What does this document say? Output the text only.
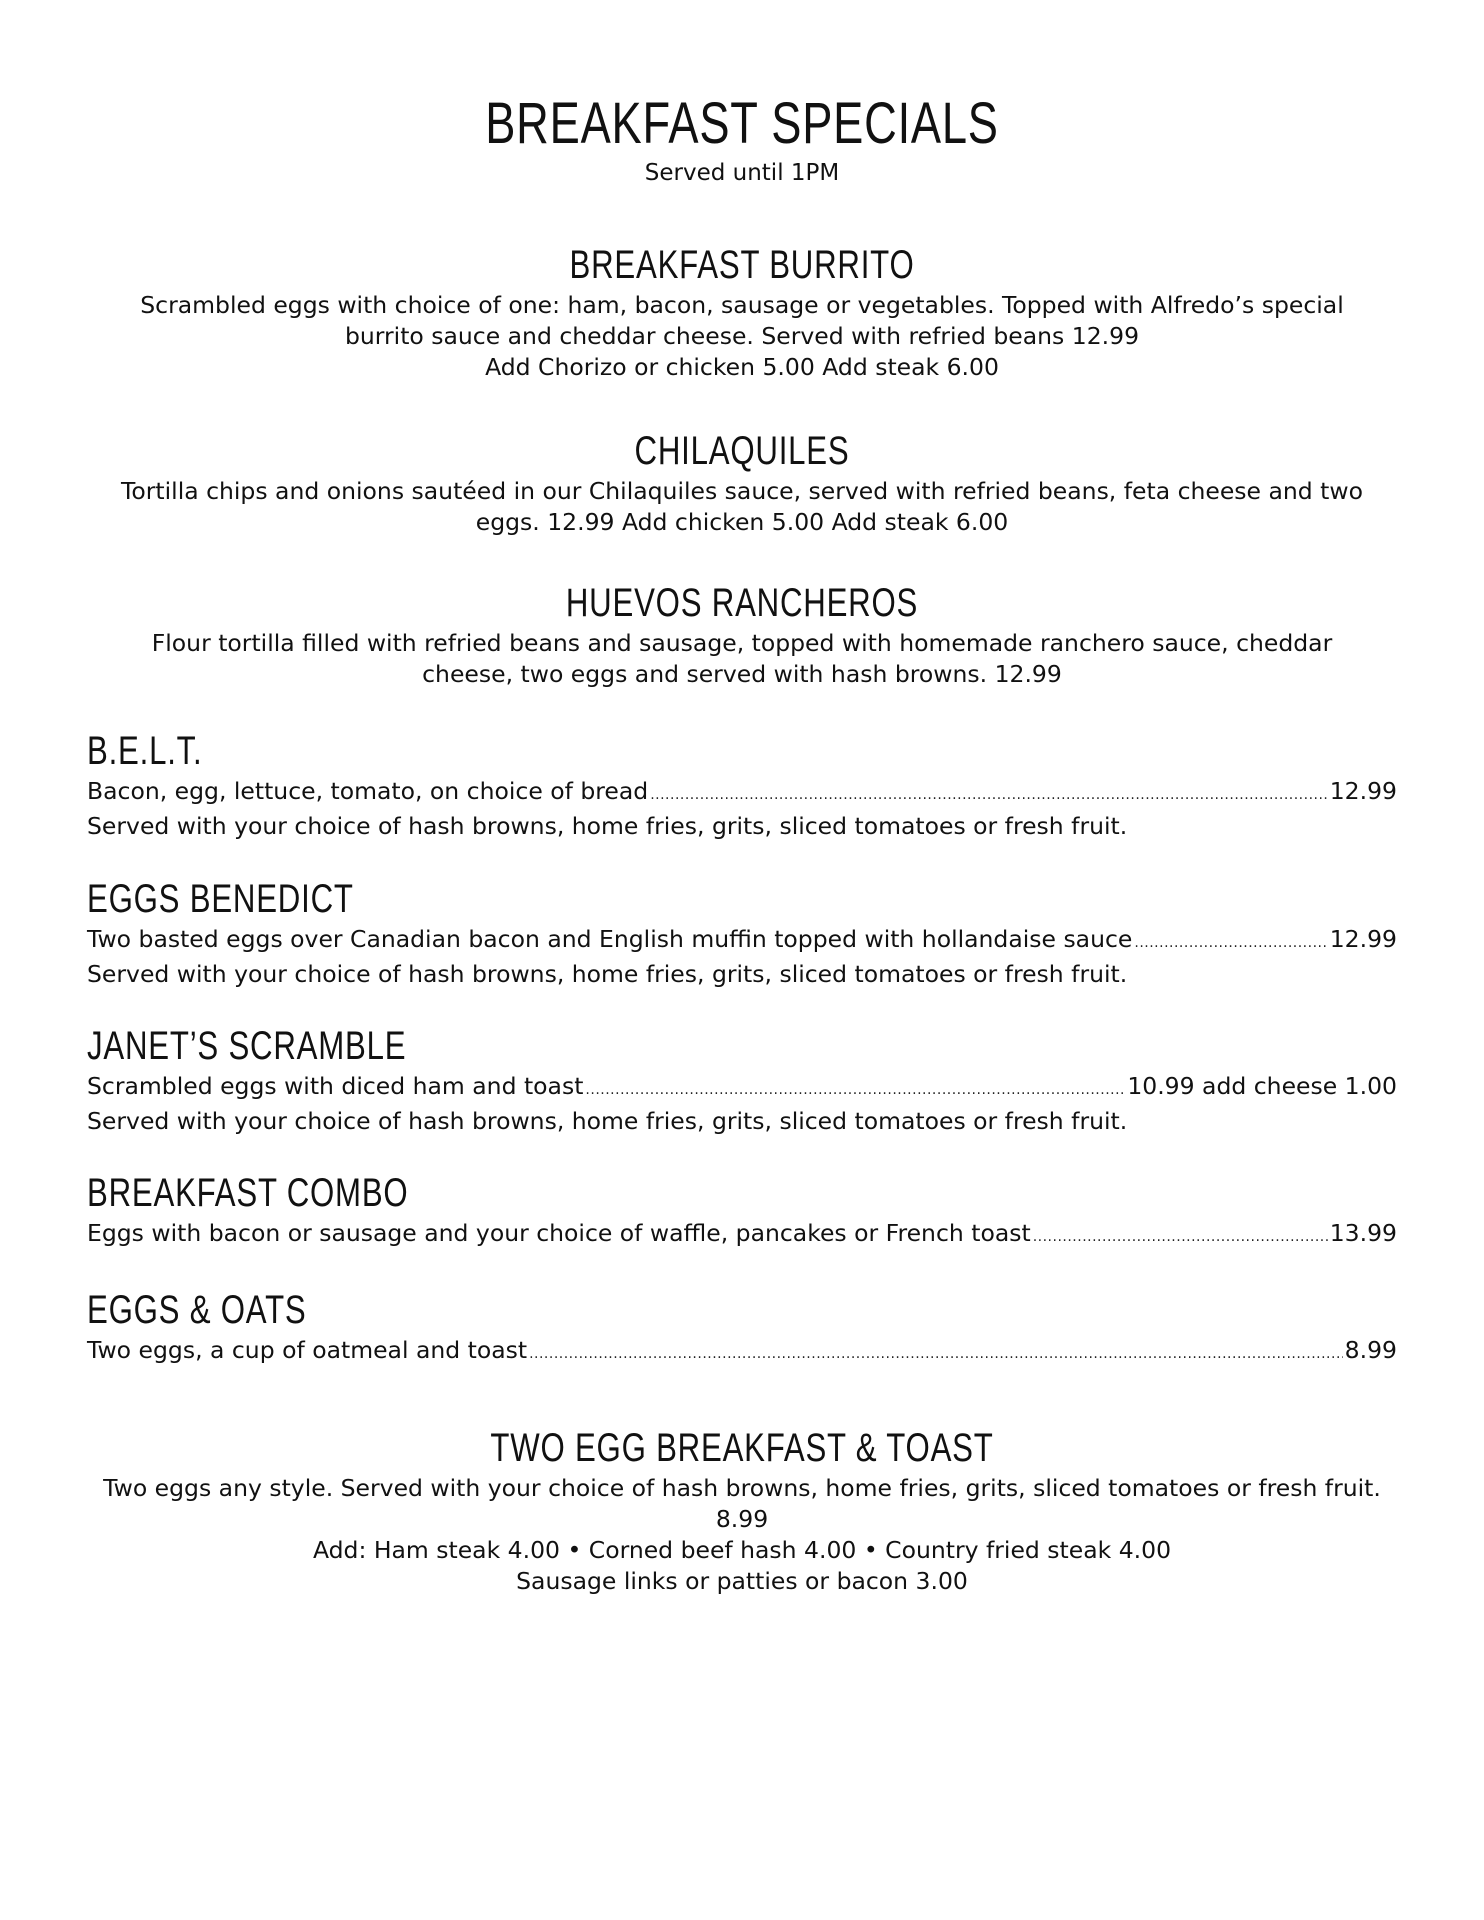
BREAKFAST SPECIALS

Served until 1PM

BREAKFAST BURRITO
Scrambled eggs with choice of one: ham, bacon, sausage or vegetables. Topped with Alfredo’s special
burrito sauce and cheddar cheese. Served with refried beans 12.99
Add Chorizo or chicken 5.00 Add steak 6.00
CHILAQUILES
Tortilla chips and onions sautéed in our Chilaquiles sauce, served with refried beans, feta cheese and two
eggs. 12.99 Add chicken 5.00 Add steak 6.00
HUEVOS RANCHEROS
Flour tortilla filled with refried beans and sausage, topped with homemade ranchero sauce, cheddar
cheese, two eggs and served with hash browns. 12.99
B.E.L.T.
Bacon, egg, lettuce, tomato, on choice of bread .....	12.99
Served with your choice of hash browns, home fries, grits, sliced tomatoes or fresh fruit.
EGGS BENEDICT
Two basted eggs over Canadian bacon and English muffin topped with hollandaise sauce .....	12.99
Served with your choice of hash browns, home fries, grits, sliced tomatoes or fresh fruit.
JANET’S SCRAMBLE
Scrambled eggs with diced ham and toast .....	10.99 add cheese 1.00
Served with your choice of hash browns, home fries, grits, sliced tomatoes or fresh fruit.
BREAKFAST COMBO
Eggs with bacon or sausage and your choice of waffle, pancakes or French toast .....	13.99
EGGS & OATS
Two eggs, a cup of oatmeal and toast .....	8.99
TWO EGG BREAKFAST & TOAST
Two eggs any style. Served with your choice of hash browns, home fries, grits, sliced tomatoes or fresh fruit.
8.99
Add: Ham steak 4.00 • Corned beef hash 4.00 • Country fried steak 4.00
Sausage links or patties or bacon 3.00
